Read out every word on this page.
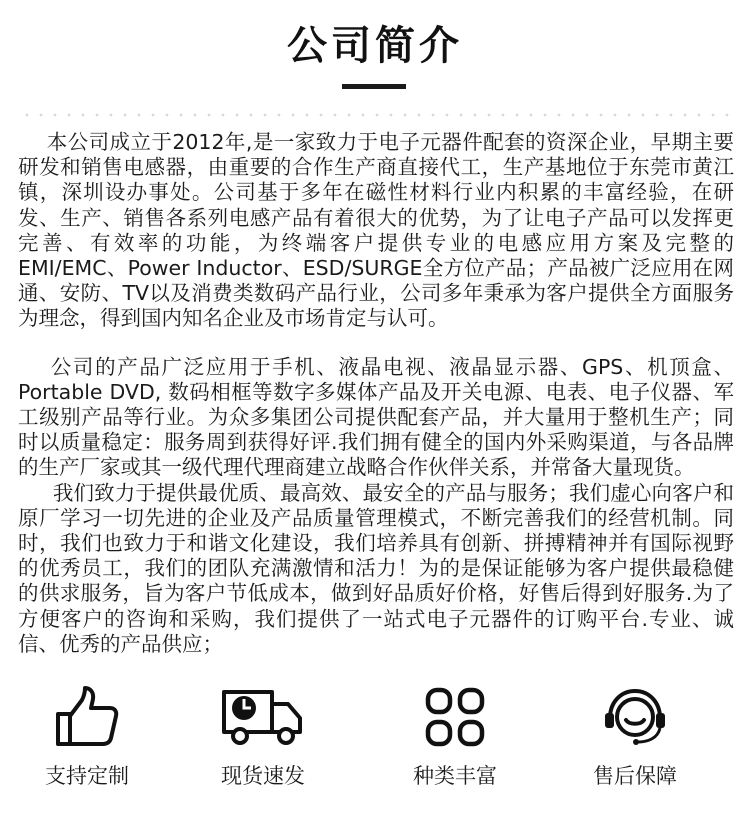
公司简介

本公司成立于2012年,是一家致力于电子元器件配套的资深企业，早期主要研发和销售电感器，由重要的合作生产商直接代工，生产基地位于东莞市黄江镇，深圳设办事处。公司基于多年在磁性材料行业内积累的丰富经验，在研发、生产、销售各系列电感产品有着很大的优势，为了让电子产品可以发挥更完善、有效率的功能，为终端客户提供专业的电感应用方案及完整的 EMI/EMC、Power Inductor、ESD/SURGE全方位产品；产品被广泛应用在网通、安防、TV以及消费类数码产品行业，公司多年秉承为客户提供全方面服务为理念，得到国内知名企业及市场肯定与认可。

公司的产品广泛应用于手机、液晶电视、液晶显示器、GPS、机顶盒、Portable DVD, 数码相框等数字多媒体产品及开关电源、电表、电子仪器、军工级别产品等行业。为众多集团公司提供配套产品，并大量用于整机生产；同时以质量稳定：服务周到获得好评.我们拥有健全的国内外采购渠道，与各品牌的生产厂家或其一级代理代理商建立战略合作伙伴关系，并常备大量现货。

我们致力于提供最优质、最高效、最安全的产品与服务；我们虚心向客户和原厂学习一切先进的企业及产品质量管理模式，不断完善我们的经营机制。同时，我们也致力于和谐文化建设，我们培养具有创新、拼搏精神并有国际视野的优秀员工，我们的团队充满激情和活力！为的是保证能够为客户提供最稳健的供求服务，旨为客户节低成本，做到好品质好价格，好售后得到好服务.为了方便客户的咨询和采购，我们提供了一站式电子元器件的订购平台.专业、诚信、优秀的产品供应；

支持定制	现货速发	种类丰富	售后保障
